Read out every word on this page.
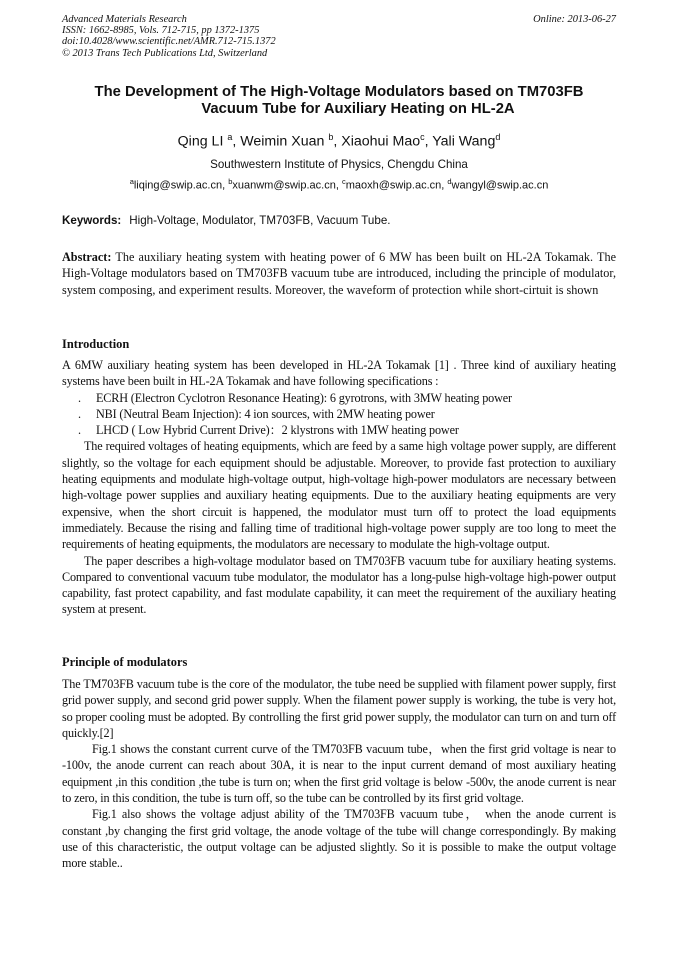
Advanced Materials Research
ISSN: 1662-8985, Vols. 712-715, pp 1372-1375
doi:10.4028/www.scientific.net/AMR.712-715.1372
© 2013 Trans Tech Publications Ltd, Switzerland
Online: 2013-06-27
The Development of The High-Voltage Modulators based on TM703FB
Vacuum Tube for Auxiliary Heating on HL-2A
Qing LI $^a$, Weimin Xuan $^b$, Xiaohui Mao$^c$, Yali Wang$^d$
Southwestern Institute of Physics, Chengdu China
$^a$liqing@swip.ac.cn, $^b$xuanwm@swip.ac.cn, $^c$maoxh@swip.ac.cn, $^d$wangyl@swip.ac.cn
Keywords: High-Voltage, Modulator, TM703FB, Vacuum Tube.

Abstract: The auxiliary heating system with heating power of 6 MW has been built on HL-2A Tokamak. The High-Voltage modulators based on TM703FB vacuum tube are introduced, including the principle of modulator, system composing, and experiment results. Moreover, the waveform of protection while short-cirtuit is shown

Introduction

A 6MW auxiliary heating system has been developed in HL-2A Tokamak [1] . Three kind of auxiliary heating systems have been built in HL-2A Tokamak and have following specifications :

. ECRH (Electron Cyclotron Resonance Heating): 6 gyrotrons, with 3MW heating power

. NBI (Neutral Beam Injection): 4 ion sources, with 2MW heating power

. LHCD ( Low Hybrid Current Drive)：2 klystrons with 1MW heating power

The required voltages of heating equipments, which are feed by a same high voltage power supply, are different slightly, so the voltage for each equipment should be adjustable. Moreover, to provide fast protection to auxiliary heating equipments and modulate high-voltage output, high-voltage high-power modulators are necessary between high-voltage power supplies and auxiliary heating equipments. Due to the auxiliary heating equipments are very expensive, when the short circuit is happened, the modulator must turn off to protect the load equipments immediately. Because the rising and falling time of traditional high-voltage power supply are too long to meet the requirements of heating equipments, the modulators are necessary to modulate the high-voltage output.

The paper describes a high-voltage modulator based on TM703FB vacuum tube for auxiliary heating systems. Compared to conventional vacuum tube modulator, the modulator has a long-pulse high-voltage high-power output capability, fast protect capability, and fast modulate capability, it can meet the requirement of the auxiliary heating system at present.

Principle of modulators

The TM703FB vacuum tube is the core of the modulator, the tube need be supplied with filament power supply, first grid power supply, and second grid power supply. When the filament power supply is working, the tube is very hot, so proper cooling must be adopted. By controlling the first grid power supply, the modulator can turn on and turn off quickly.[2]

Fig.1 shows the constant current curve of the TM703FB vacuum tube，when the first grid voltage is near to -100v, the anode current can reach about 30A, it is near to the input current demand of most auxiliary heating equipment ,in this condition ,the tube is turn on; when the first grid voltage is below -500v, the anode current is near to zero, in this condition, the tube is turn off, so the tube can be controlled by its first grid voltage.

Fig.1 also shows the voltage adjust ability of the TM703FB vacuum tube， when the anode current is constant ,by changing the first grid voltage, the anode voltage of the tube will change correspondingly. By making use of this characteristic, the output voltage can be adjusted slightly. So it is possible to make the output voltage more stable..
